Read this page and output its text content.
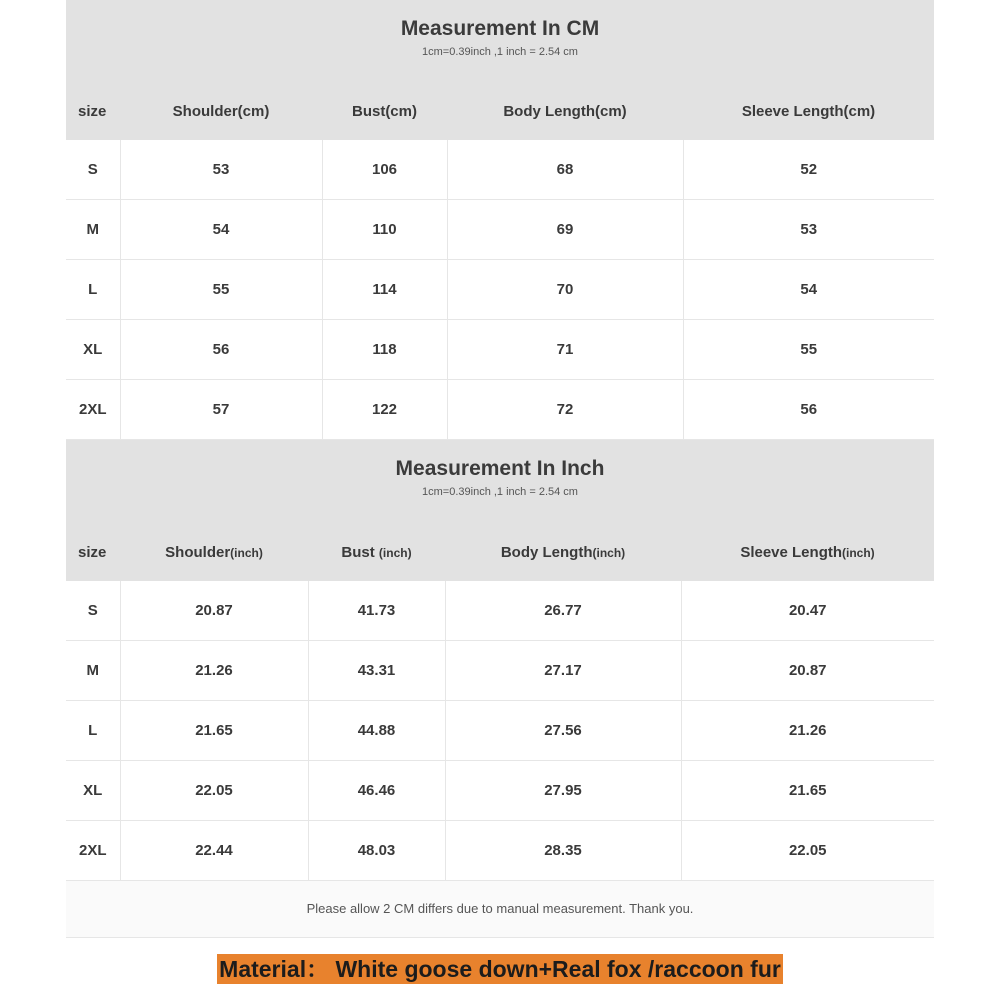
Measurement In CM
1cm=0.39inch ,1 inch = 2.54 cm
size	Shoulder(cm)	Bust(cm)	Body Length(cm)	Sleeve Length(cm)
S	53	106	68	52
M	54	110	69	53
L	55	114	70	54
XL	56	118	71	55
2XL	57	122	72	56
Measurement In Inch
1cm=0.39inch ,1 inch = 2.54 cm
size	Shoulder(inch)	Bust (inch)	Body Length(inch)	Sleeve Length(inch)
S	20.87	41.73	26.77	20.47
M	21.26	43.31	27.17	20.87
L	21.65	44.88	27.56	21.26
XL	22.05	46.46	27.95	21.65
2XL	22.44	48.03	28.35	22.05
Please allow 2 CM differs due to manual measurement. Thank you.
Material： White goose down+Real fox /raccoon fur
